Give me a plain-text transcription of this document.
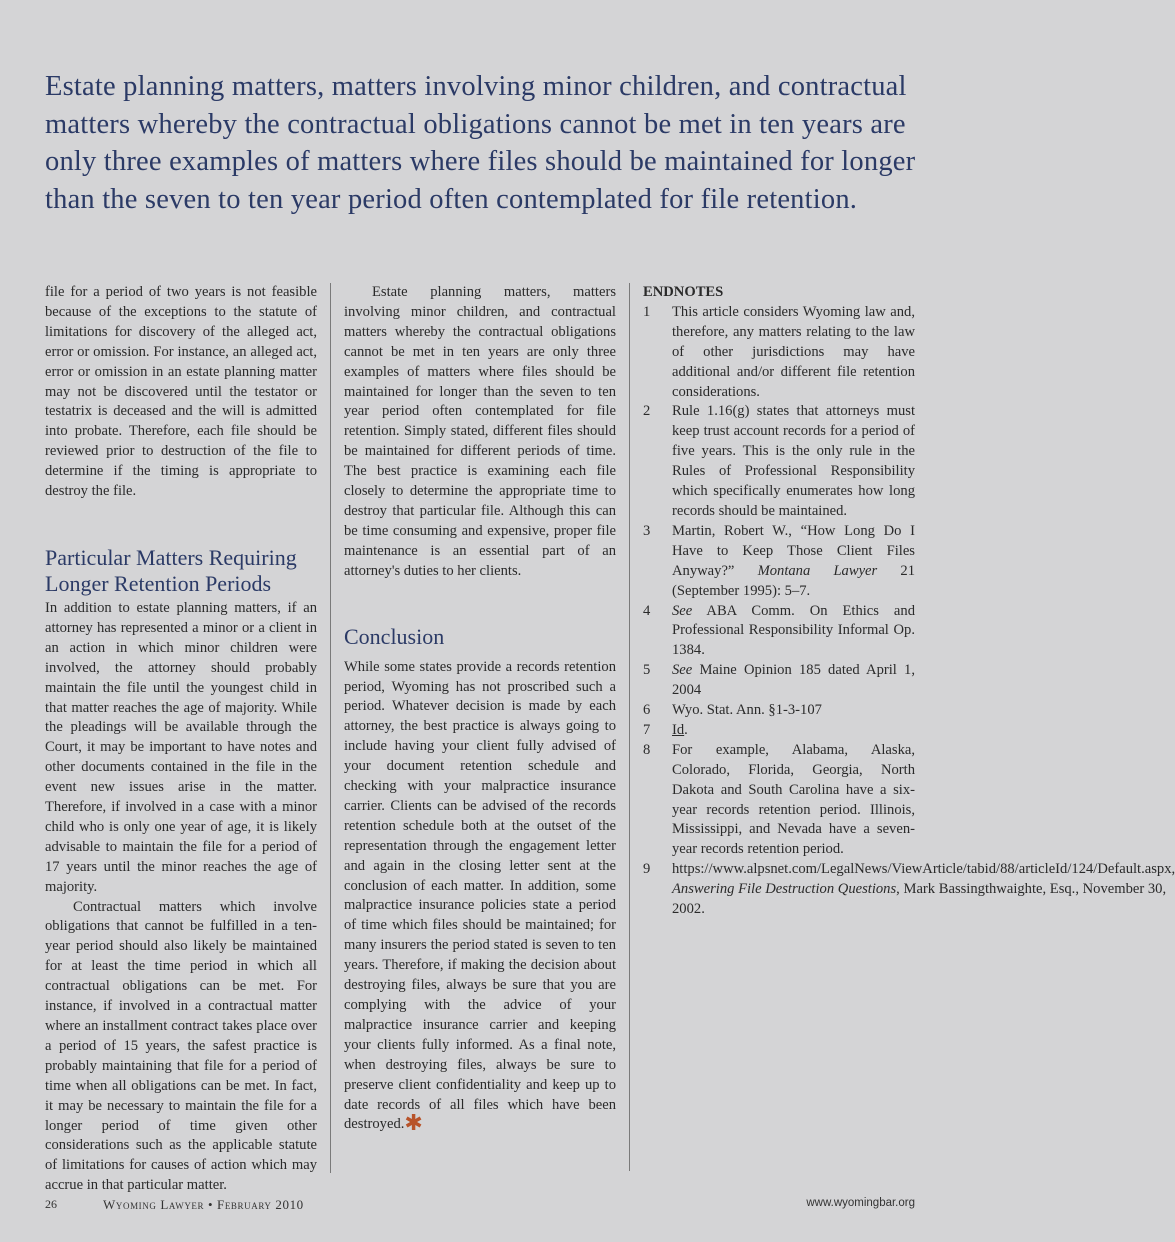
Estate planning matters, matters involving minor children, and contractual matters whereby the contractual obligations cannot be met in ten years are only three examples of matters where files should be maintained for longer than the seven to ten year period often contemplated for file retention.

file for a period of two years is not feasible because of the exceptions to the statute of limitations for discovery of the alleged act, error or omission. For instance, an alleged act, error or omission in an estate planning matter may not be discovered until the testator or testatrix is deceased and the will is admitted into probate. Therefore, each file should be reviewed prior to destruction of the file to determine if the timing is appropriate to destroy the file.

Particular Matters Requiring Longer Retention Periods

In addition to estate planning matters, if an attorney has represented a minor or a client in an action in which minor children were involved, the attorney should probably maintain the file until the youngest child in that matter reaches the age of majority. While the pleadings will be available through the Court, it may be important to have notes and other documents contained in the file in the event new issues arise in the matter. Therefore, if involved in a case with a minor child who is only one year of age, it is likely advisable to maintain the file for a period of 17 years until the minor reaches the age of majority.

Contractual matters which involve obligations that cannot be fulfilled in a ten-year period should also likely be maintained for at least the time period in which all contractual obligations can be met. For instance, if involved in a contractual matter where an installment contract takes place over a period of 15 years, the safest practice is probably maintaining that file for a period of time when all obligations can be met. In fact, it may be necessary to maintain the file for a longer period of time given other considerations such as the applicable statute of limitations for causes of action which may accrue in that particular matter.

Estate planning matters, matters involving minor children, and contractual matters whereby the contractual obligations cannot be met in ten years are only three examples of matters where files should be maintained for longer than the seven to ten year period often contemplated for file retention. Simply stated, different files should be maintained for different periods of time. The best practice is examining each file closely to determine the appropriate time to destroy that particular file. Although this can be time consuming and expensive, proper file maintenance is an essential part of an attorney's duties to her clients.

Conclusion

While some states provide a records retention period, Wyoming has not proscribed such a period. Whatever decision is made by each attorney, the best practice is always going to include having your client fully advised of your document retention schedule and checking with your malpractice insurance carrier. Clients can be advised of the records retention schedule both at the outset of the representation through the engagement letter and again in the closing letter sent at the conclusion of each matter. In addition, some malpractice insurance policies state a period of time which files should be maintained; for many insurers the period stated is seven to ten years. Therefore, if making the decision about destroying files, always be sure that you are complying with the advice of your malpractice insurance carrier and keeping your clients fully informed. As a final note, when destroying files, always be sure to preserve client confidentiality and keep up to date records of all files which have been destroyed.✱

ENDNOTES

1	This article considers Wyoming law and, therefore, any matters relating to the law of other jurisdictions may have additional and/or different file retention considerations.
2	Rule 1.16(g) states that attorneys must keep trust account records for a period of five years. This is the only rule in the Rules of Professional Responsibility which specifically enumerates how long records should be maintained.
3	Martin, Robert W., “How Long Do I Have to Keep Those Client Files Anyway?” Montana Lawyer 21 (September 1995): 5–7.
4	See ABA Comm. On Ethics and Professional Responsibility Informal Op. 1384.
5	See Maine Opinion 185 dated April 1, 2004
6	Wyo. Stat. Ann. §1-3-107
7	Id.
8	For example, Alabama, Alaska, Colorado, Florida, Georgia, North Dakota and South Carolina have a six-year records retention period. Illinois, Mississippi, and Nevada have a seven-year records retention period.
9	https://www.alpsnet.com/LegalNews/ViewArticle/tabid/88/articleId/124/Default.aspx, Answering File Destruction Questions, Mark Bassingthwaighte, Esq., November 30, 2002.
26	Wyoming Lawyer • February 2010	www.wyomingbar.org
